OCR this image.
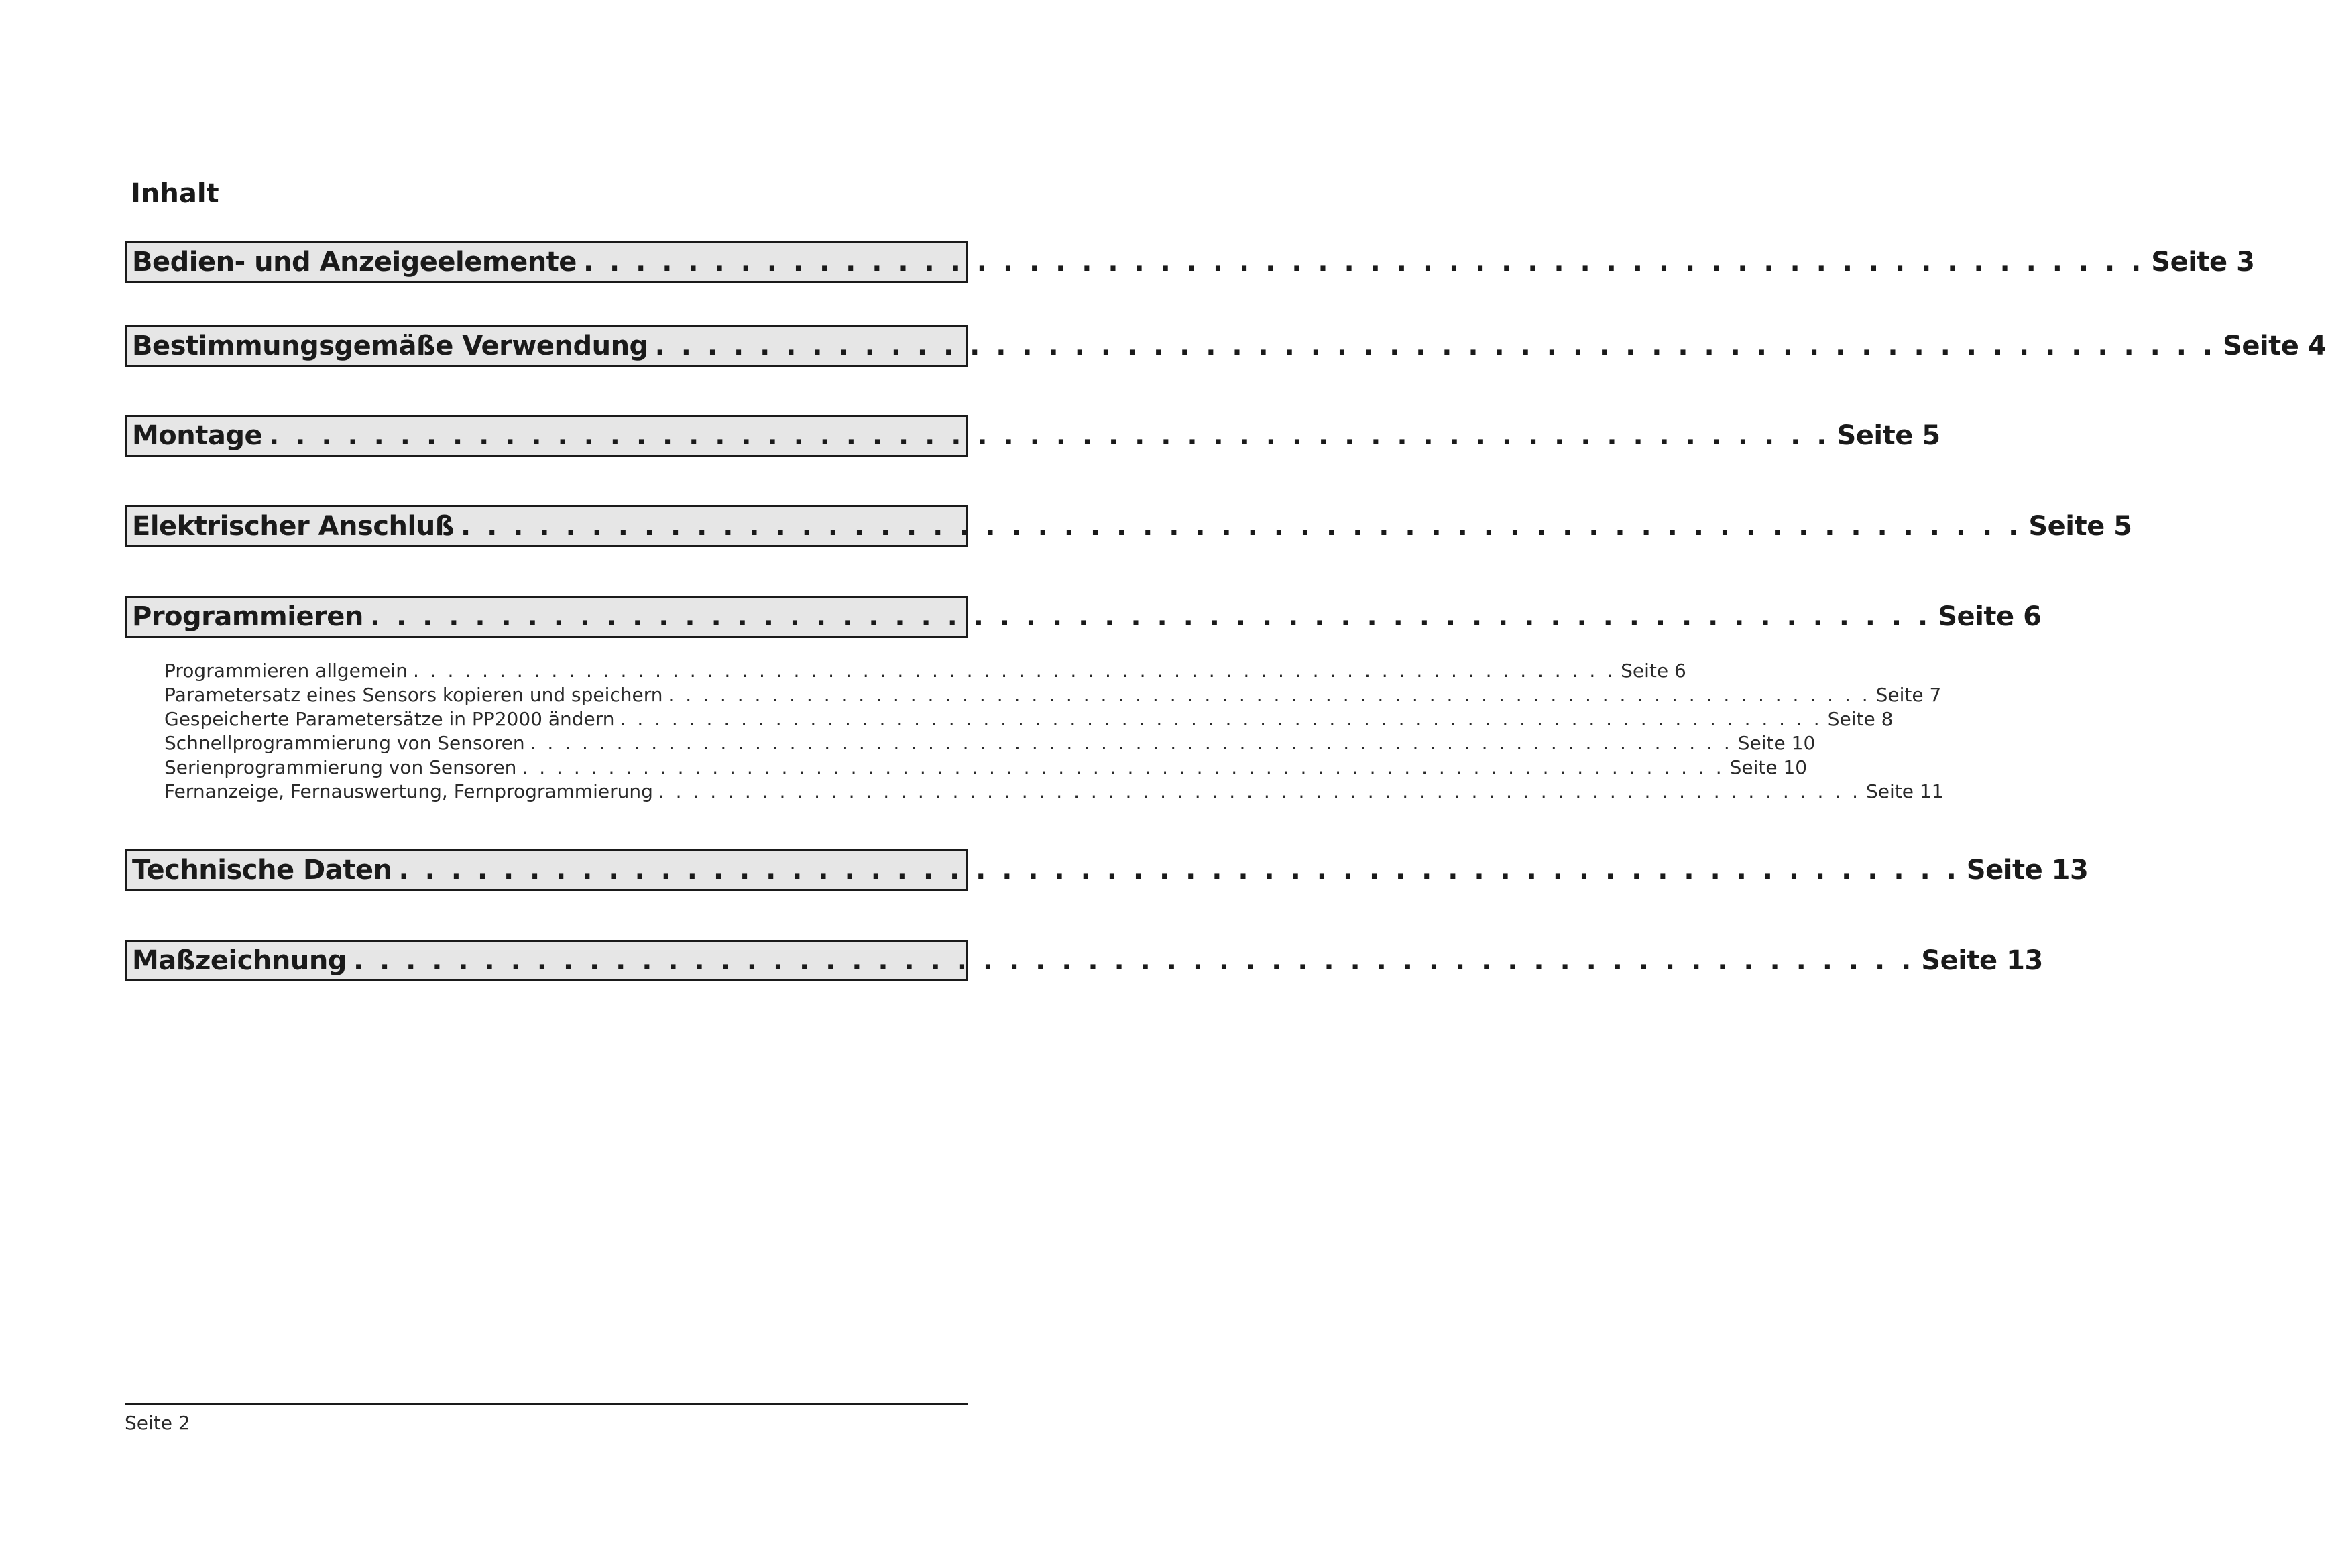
Inhalt
Bedien- und Anzeigeelemente . . . . . . . . . . . . . . . . . . . . . . . . . . . . . . . . . . . . . . . . . . . . . . . . . . . . . . . . . . . . Seite 3
Bestimmungsgemäße Verwendung . . . . . . . . . . . . . . . . . . . . . . . . . . . . . . . . . . . . . . . . . . . . . . . . . . . . . . . . . . . . Seite 4
Montage . . . . . . . . . . . . . . . . . . . . . . . . . . . . . . . . . . . . . . . . . . . . . . . . . . . . . . . . . . . . Seite 5
Elektrischer Anschluß . . . . . . . . . . . . . . . . . . . . . . . . . . . . . . . . . . . . . . . . . . . . . . . . . . . . . . . . . . . . Seite 5
Programmieren . . . . . . . . . . . . . . . . . . . . . . . . . . . . . . . . . . . . . . . . . . . . . . . . . . . . . . . . . . . . Seite 6
Programmieren allgemein . . . . . . . . . . . . . . . . . . . . . . . . . . . . . . . . . . . . . . . . . . . . . . . . . . . . . . . . . . . . . . . . . . . . . . Seite 6
Parametersatz eines Sensors kopieren und speichern . . . . . . . . . . . . . . . . . . . . . . . . . . . . . . . . . . . . . . . . . . . . . . . . . . . . . . . . . . . . . . . . . . . . . . Seite 7
Gespeicherte Parametersätze in PP2000 ändern . . . . . . . . . . . . . . . . . . . . . . . . . . . . . . . . . . . . . . . . . . . . . . . . . . . . . . . . . . . . . . . . . . . . . . Seite 8
Schnellprogrammierung von Sensoren . . . . . . . . . . . . . . . . . . . . . . . . . . . . . . . . . . . . . . . . . . . . . . . . . . . . . . . . . . . . . . . . . . . . . . Seite 10
Serienprogrammierung von Sensoren . . . . . . . . . . . . . . . . . . . . . . . . . . . . . . . . . . . . . . . . . . . . . . . . . . . . . . . . . . . . . . . . . . . . . . Seite 10
Fernanzeige, Fernauswertung, Fernprogrammierung . . . . . . . . . . . . . . . . . . . . . . . . . . . . . . . . . . . . . . . . . . . . . . . . . . . . . . . . . . . . . . . . . . . . . . Seite 11
Technische Daten . . . . . . . . . . . . . . . . . . . . . . . . . . . . . . . . . . . . . . . . . . . . . . . . . . . . . . . . . . . . Seite 13
Maßzeichnung . . . . . . . . . . . . . . . . . . . . . . . . . . . . . . . . . . . . . . . . . . . . . . . . . . . . . . . . . . . . Seite 13
Seite 2
